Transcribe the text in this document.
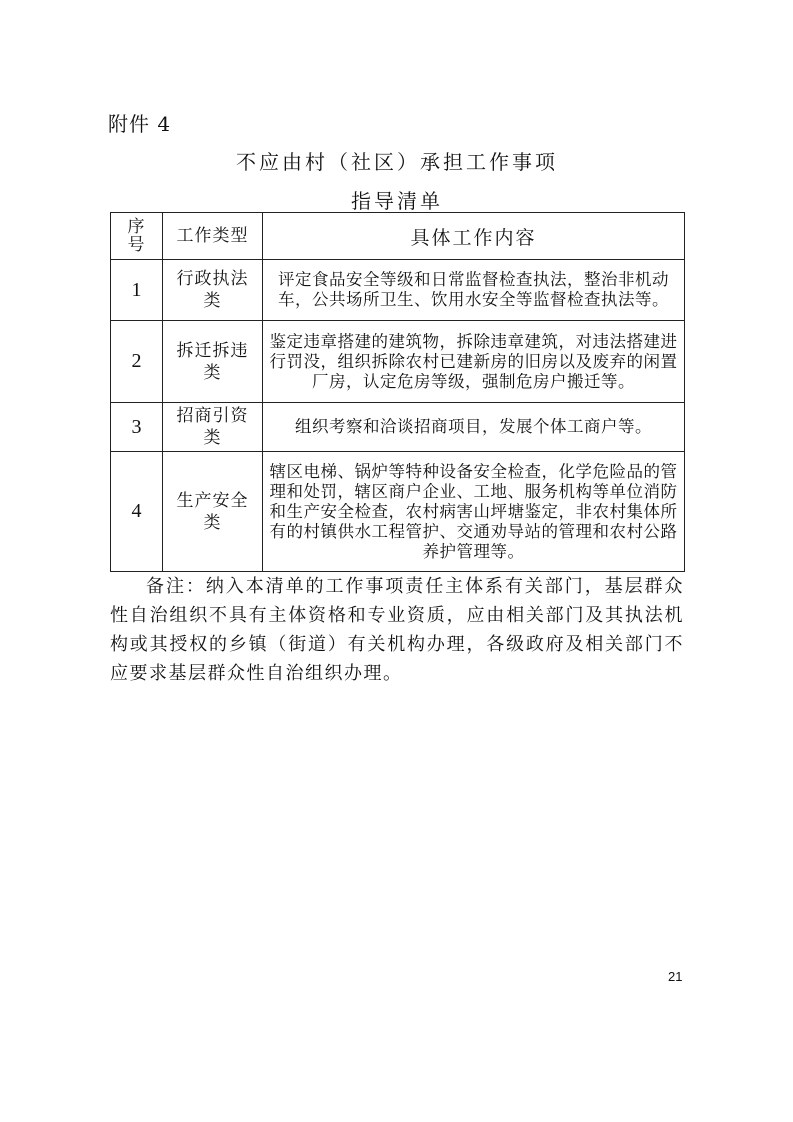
附件 4
不应由村（社区）承担工作事项
指导清单
序号	工作类型	具体工作内容
1	行政执法类	评定食品安全等级和日常监督检查执法，整治非机动车，公共场所卫生、饮用水安全等监督检查执法等。
2	拆迁拆违类	鉴定违章搭建的建筑物，拆除违章建筑，对违法搭建进行罚没，组织拆除农村已建新房的旧房以及废弃的闲置厂房，认定危房等级，强制危房户搬迁等。
3	招商引资类	组织考察和洽谈招商项目，发展个体工商户等。
4	生产安全类	辖区电梯、锅炉等特种设备安全检查，化学危险品的管理和处罚，辖区商户企业、工地、服务机构等单位消防和生产安全检查，农村病害山坪塘鉴定，非农村集体所有的村镇供水工程管护、交通劝导站的管理和农村公路养护管理等。
备注：纳入本清单的工作事项责任主体系有关部门，基层群众性自治组织不具有主体资格和专业资质，应由相关部门及其执法机构或其授权的乡镇（街道）有关机构办理，各级政府及相关部门不应要求基层群众性自治组织办理。
21
